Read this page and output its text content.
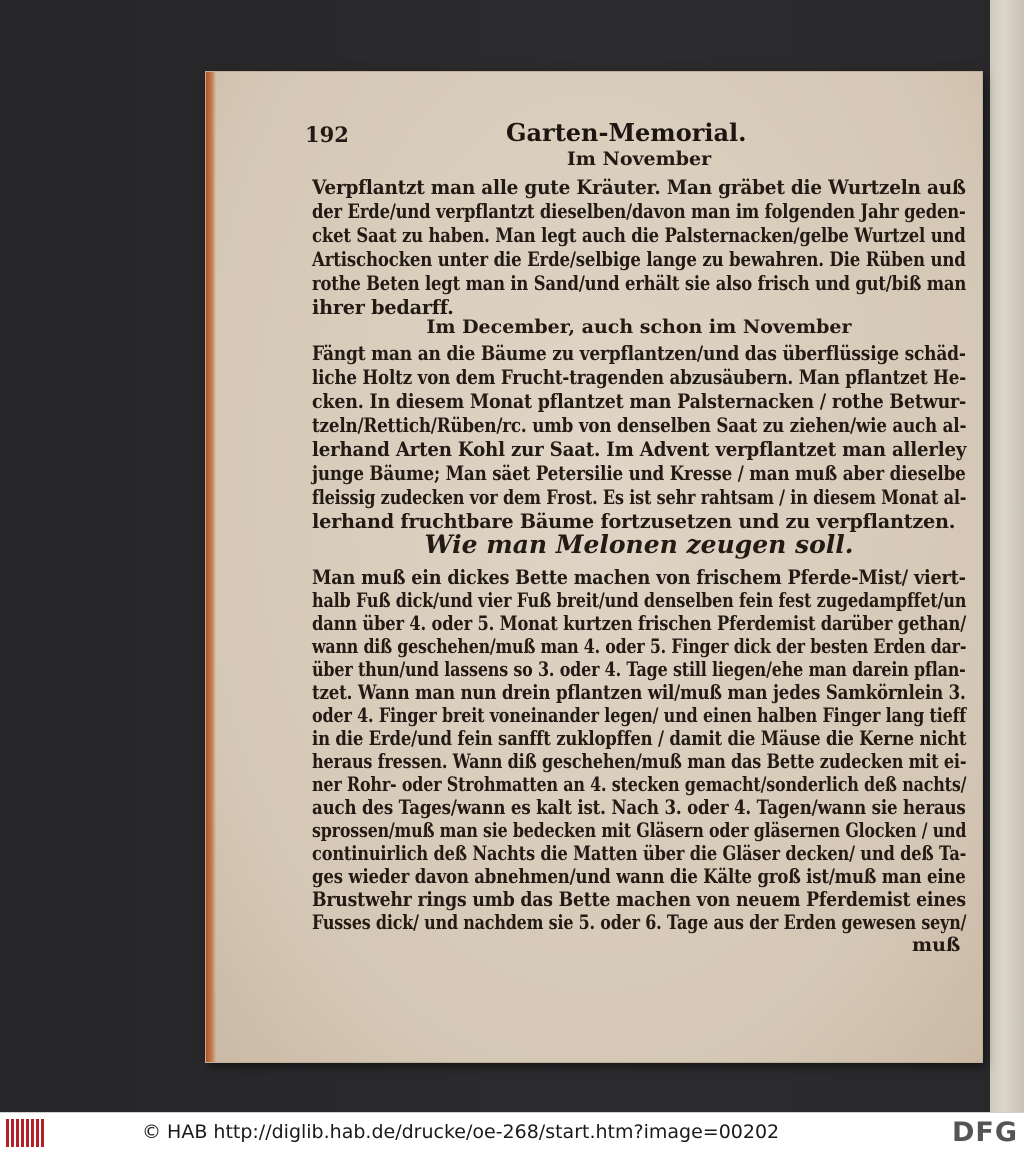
192	Garten-Memorial.
Im November
Verpflantzt man alle gute Kräuter. Man gräbet die Wurtzeln auß
der Erde/und verpflantzt dieselben/davon man im folgenden Jahr geden-
cket Saat zu haben. Man legt auch die Palsternacken/gelbe Wurtzel und
Artischocken unter die Erde/selbige lange zu bewahren. Die Rüben und
rothe Beten legt man in Sand/und erhält sie also frisch und gut/biß man
ihrer bedarff.
Im December, auch schon im November
Fängt man an die Bäume zu verpflantzen/und das überflüssige schäd-
liche Holtz von dem Frucht-tragenden abzusäubern. Man pflantzet He-
cken. In diesem Monat pflantzet man Palsternacken / rothe Betwur-
tzeln/Rettich/Rüben/rc. umb von denselben Saat zu ziehen/wie auch al-
lerhand Arten Kohl zur Saat. Im Advent verpflantzet man allerley
junge Bäume; Man säet Petersilie und Kresse / man muß aber dieselbe
fleissig zudecken vor dem Frost. Es ist sehr rahtsam / in diesem Monat al-
lerhand fruchtbare Bäume fortzusetzen und zu verpflantzen.
Wie man Melonen zeugen soll.
Man muß ein dickes Bette machen von frischem Pferde-Mist/ viert-
halb Fuß dick/und vier Fuß breit/und denselben fein fest zugedampffet/un
dann über 4. oder 5. Monat kurtzen frischen Pferdemist darüber gethan/
wann diß geschehen/muß man 4. oder 5. Finger dick der besten Erden dar-
über thun/und lassens so 3. oder 4. Tage still liegen/ehe man darein pflan-
tzet. Wann man nun drein pflantzen wil/muß man jedes Samkörnlein 3.
oder 4. Finger breit voneinander legen/ und einen halben Finger lang tieff
in die Erde/und fein sanfft zuklopffen / damit die Mäuse die Kerne nicht
heraus fressen. Wann diß geschehen/muß man das Bette zudecken mit ei-
ner Rohr- oder Strohmatten an 4. stecken gemacht/sonderlich deß nachts/
auch des Tages/wann es kalt ist. Nach 3. oder 4. Tagen/wann sie heraus
sprossen/muß man sie bedecken mit Gläsern oder gläsernen Glocken / und
continuirlich deß Nachts die Matten über die Gläser decken/ und deß Ta-
ges wieder davon abnehmen/und wann die Kälte groß ist/muß man eine
Brustwehr rings umb das Bette machen von neuem Pferdemist eines
Fusses dick/ und nachdem sie 5. oder 6. Tage aus der Erden gewesen seyn/
muß
© HAB http://diglib.hab.de/drucke/oe-268/start.htm?image=00202	DFG
